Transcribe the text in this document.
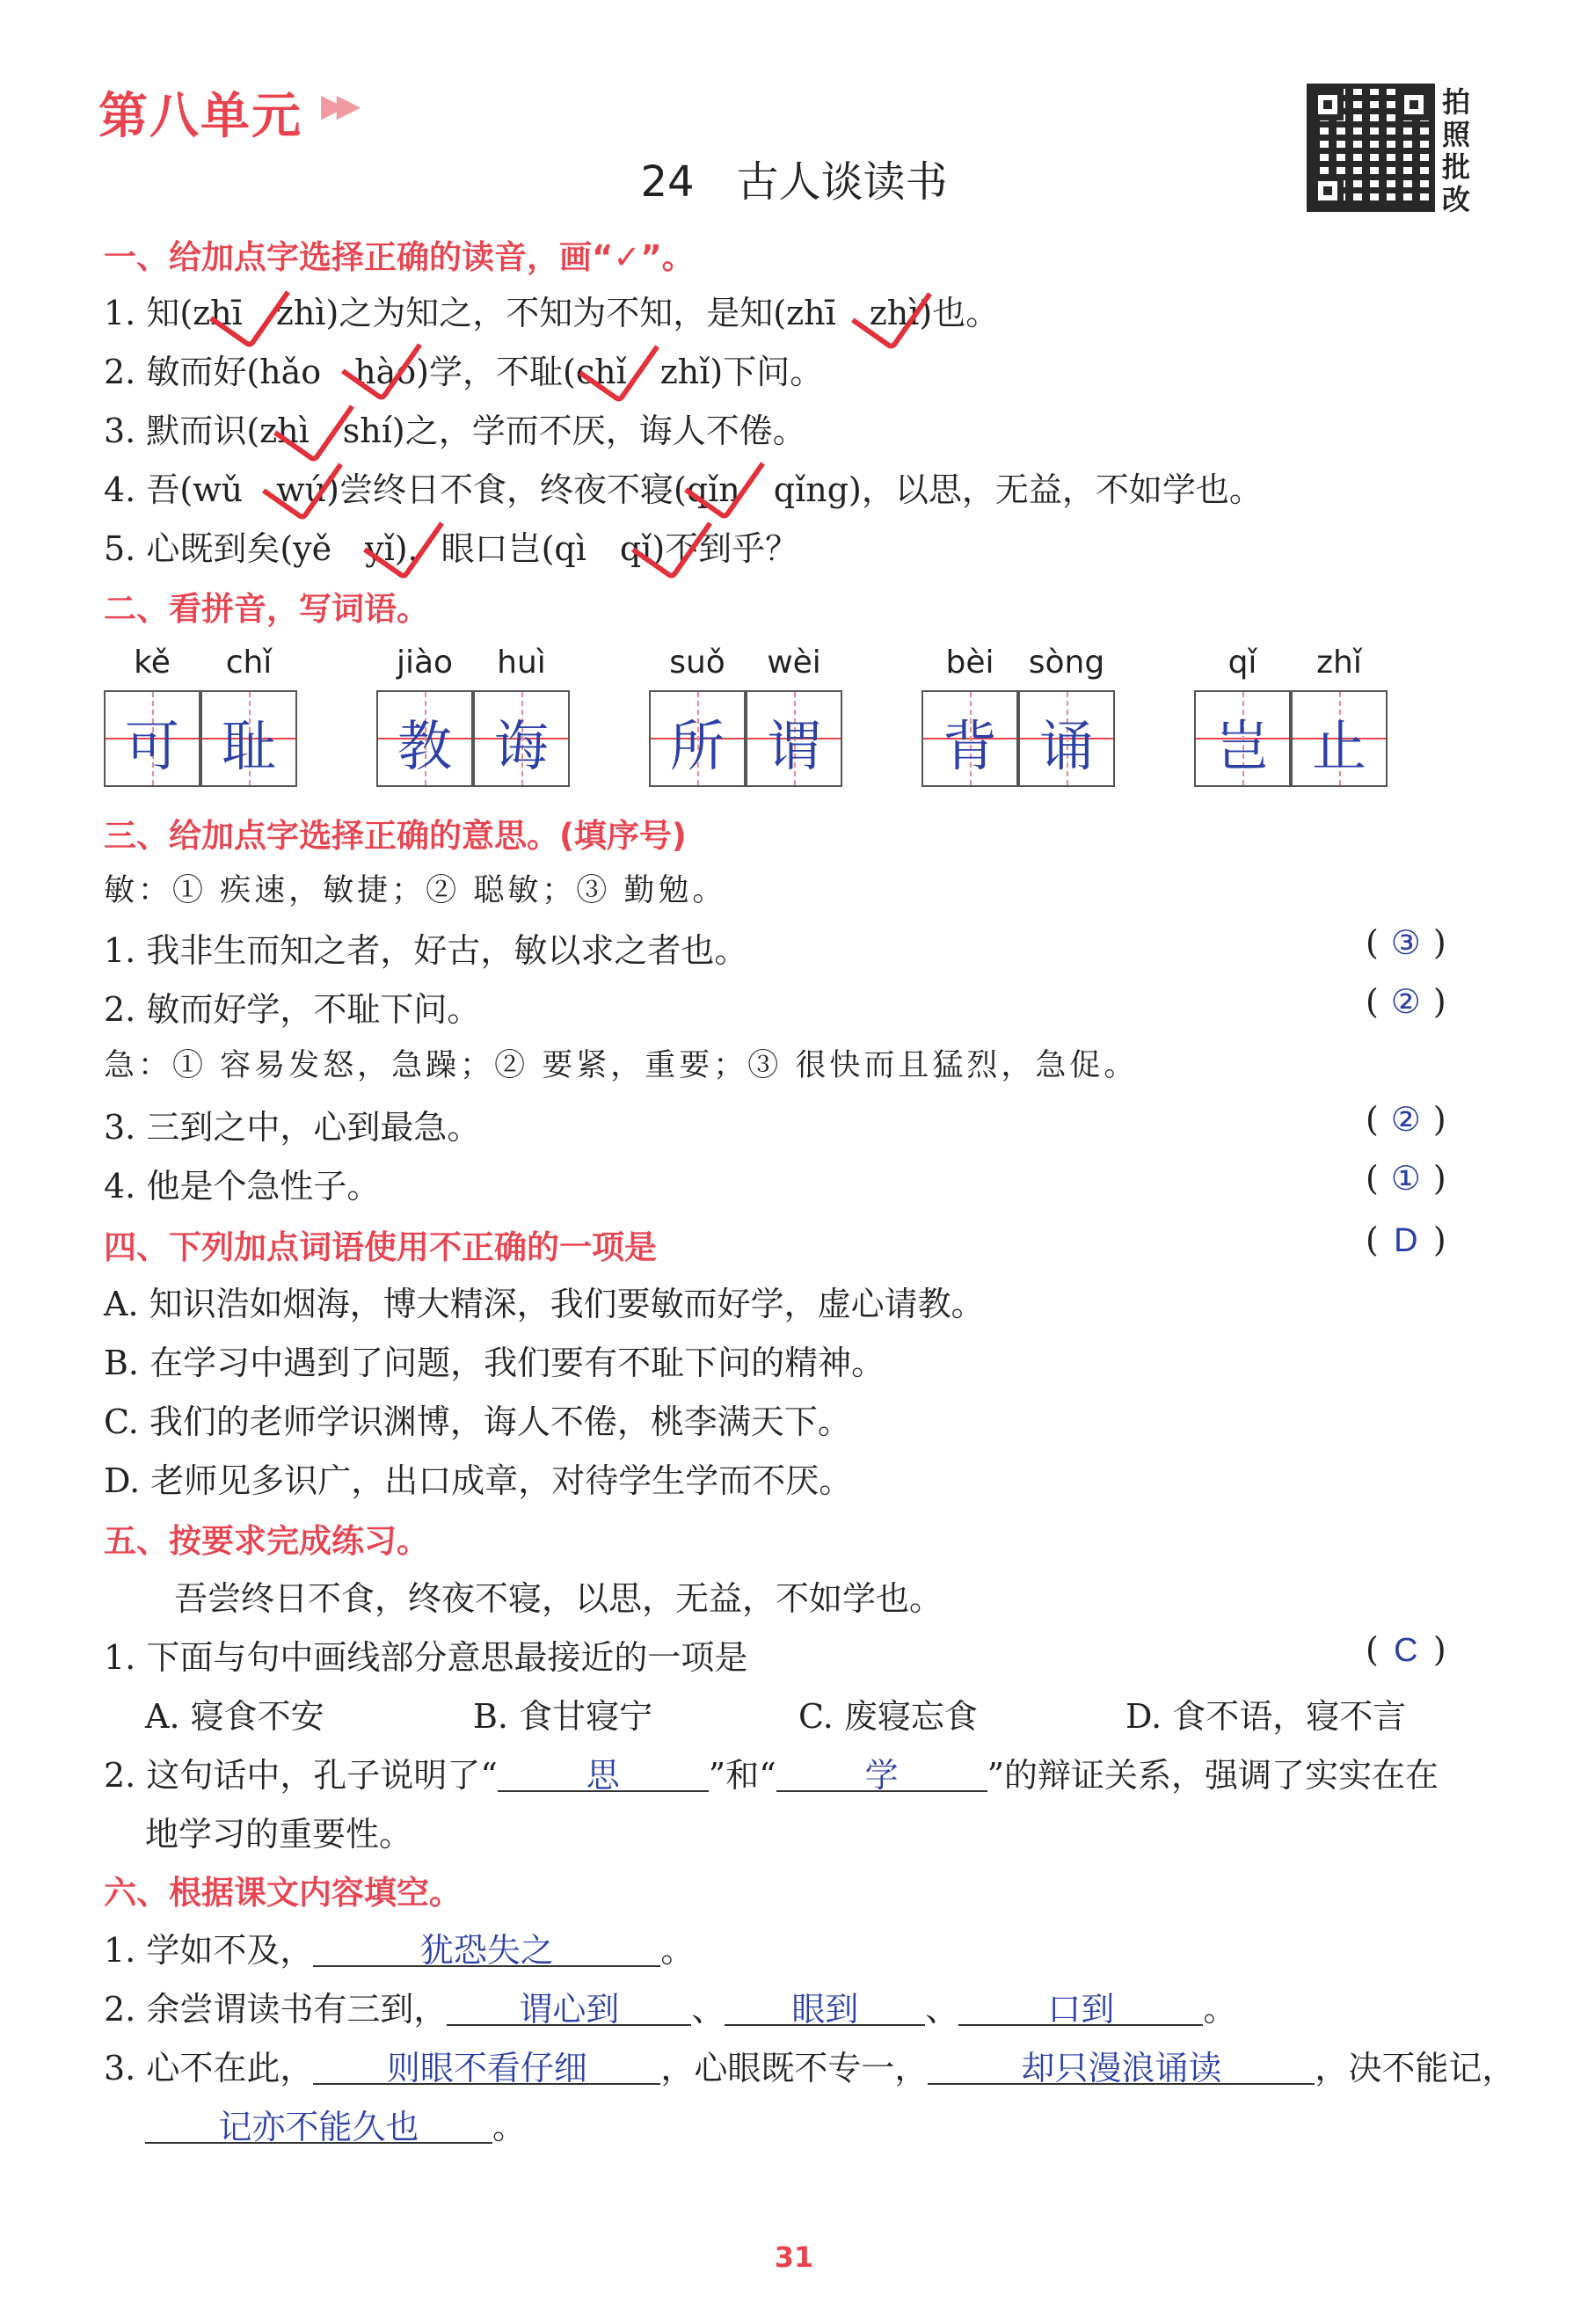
第八单元 ▶▶	拍照批改
24　古人谈读书
一、给加点字选择正确的读音，画“✓”。
1. 知(zhī　zhì)之为知之，不知为不知，是知(zhī　zhì)也。
2. 敏而好(hǎo　hào)学，不耻(chǐ　zhǐ)下问。
3. 默而识(zhì　shí)之，学而不厌，诲人不倦。
4. 吾(wǔ　wú)尝终日不食，终夜不寝(qǐn　qǐng)，以思，无益，不如学也。
5. 心既到矣(yě　yǐ)，眼口岂(qì　qǐ)不到乎？
二、看拼音，写词语。
kě	chǐ
可 耻
jiào	huì
教 诲
suǒ	wèi
所 谓
bèi	sòng
背 诵
qǐ	zhǐ
岂 止
三、给加点字选择正确的意思。(填序号)
敏：① 疾速，敏捷；② 聪敏；③ 勤勉。
1. 我非生而知之者，好古，敏以求之者也。	( ③ )
2. 敏而好学，不耻下问。	( ② )
急：① 容易发怒，急躁；② 要紧，重要；③ 很快而且猛烈，急促。
3. 三到之中，心到最急。	( ② )
4. 他是个急性子。	( ① )
四、下列加点词语使用不正确的一项是	( D )
A. 知识浩如烟海，博大精深，我们要敏而好学，虚心请教。
B. 在学习中遇到了问题，我们要有不耻下问的精神。
C. 我们的老师学识渊博，诲人不倦，桃李满天下。
D. 老师见多识广，出口成章，对待学生学而不厌。
五、按要求完成练习。
吾尝终日不食，终夜不寝，以思，无益，不如学也。
1. 下面与句中画线部分意思最接近的一项是	( C )
A. 寝食不安	B. 食甘寝宁	C. 废寝忘食	D. 食不语，寝不言
2. 这句话中，孔子说明了“	思	”和“	学	”的辩证关系，强调了实实在在
地学习的重要性。
六、根据课文内容填空。
1. 学如不及，	犹恐失之	。
2. 余尝谓读书有三到， 谓心到 、 眼到 、	口到	。
3. 心不在此， 则眼不看仔细 ，心眼既不专一，	却只漫浪诵读	，决不能记，
记亦不能久也 。
31
